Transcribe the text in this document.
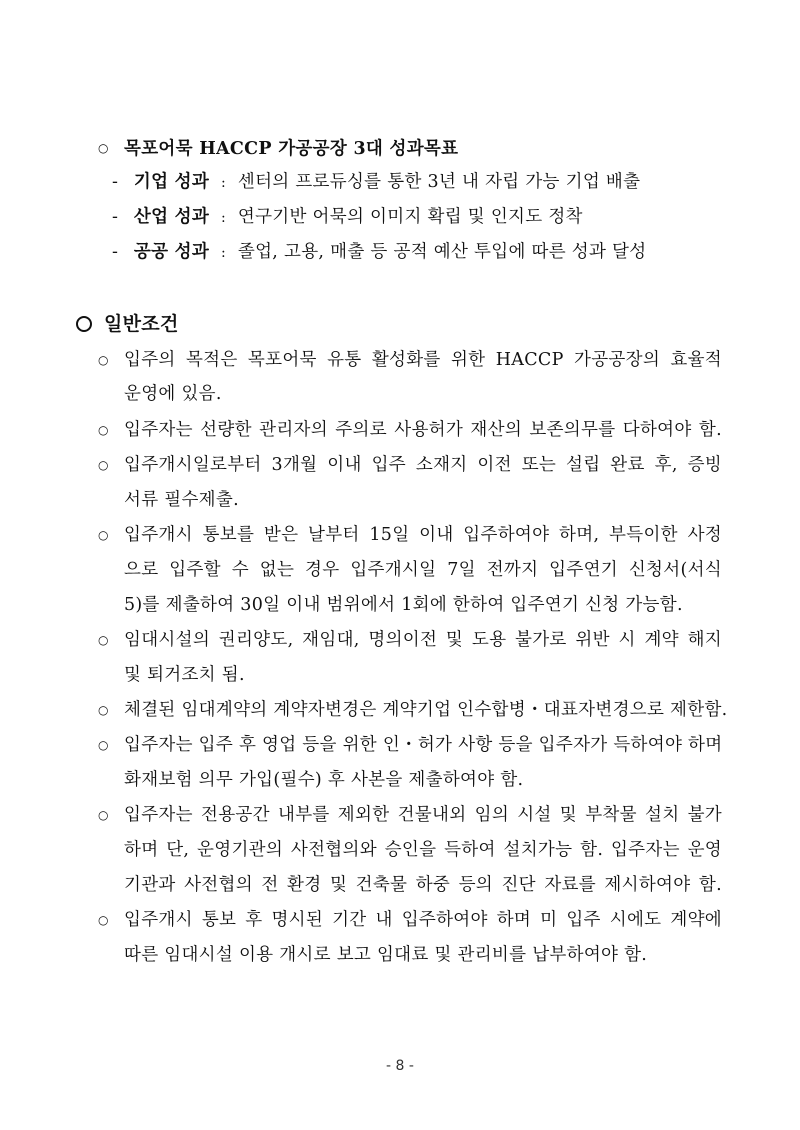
○ 목포어묵 HACCP 가공공장 3대 성과목표
- 기업 성과 : 센터의 프로듀싱를 통한 3년 내 자립 가능 기업 배출
- 산업 성과 : 연구기반 어묵의 이미지 확립 및 인지도 정착
- 공공 성과 : 졸업, 고용, 매출 등 공적 예산 투입에 따른 성과 달성
일반조건
○ 입주의 목적은 목포어묵 유통 활성화를 위한 HACCP 가공공장의 효율적
운영에 있음.
○ 입주자는 선량한 관리자의 주의로 사용허가 재산의 보존의무를 다하여야 함.
○ 입주개시일로부터 3개월 이내 입주 소재지 이전 또는 설립 완료 후, 증빙
서류 필수제출.
○ 입주개시 통보를 받은 날부터 15일 이내 입주하여야 하며, 부득이한 사정
으로 입주할 수 없는 경우 입주개시일 7일 전까지 입주연기 신청서(서식
5)를 제출하여 30일 이내 범위에서 1회에 한하여 입주연기 신청 가능함.
○ 임대시설의 권리양도, 재임대, 명의이전 및 도용 불가로 위반 시 계약 해지
및 퇴거조치 됨.
○ 체결된 임대계약의 계약자변경은 계약기업 인수합병・대표자변경으로 제한함.
○ 입주자는 입주 후 영업 등을 위한 인・허가 사항 등을 입주자가 득하여야 하며
화재보험 의무 가입(필수) 후 사본을 제출하여야 함.
○ 입주자는 전용공간 내부를 제외한 건물내외 임의 시설 및 부착물 설치 불가
하며 단, 운영기관의 사전협의와 승인을 득하여 설치가능 함. 입주자는 운영
기관과 사전협의 전 환경 및 건축물 하중 등의 진단 자료를 제시하여야 함.
○ 입주개시 통보 후 명시된 기간 내 입주하여야 하며 미 입주 시에도 계약에
따른 임대시설 이용 개시로 보고 임대료 및 관리비를 납부하여야 함.
- 8 -
